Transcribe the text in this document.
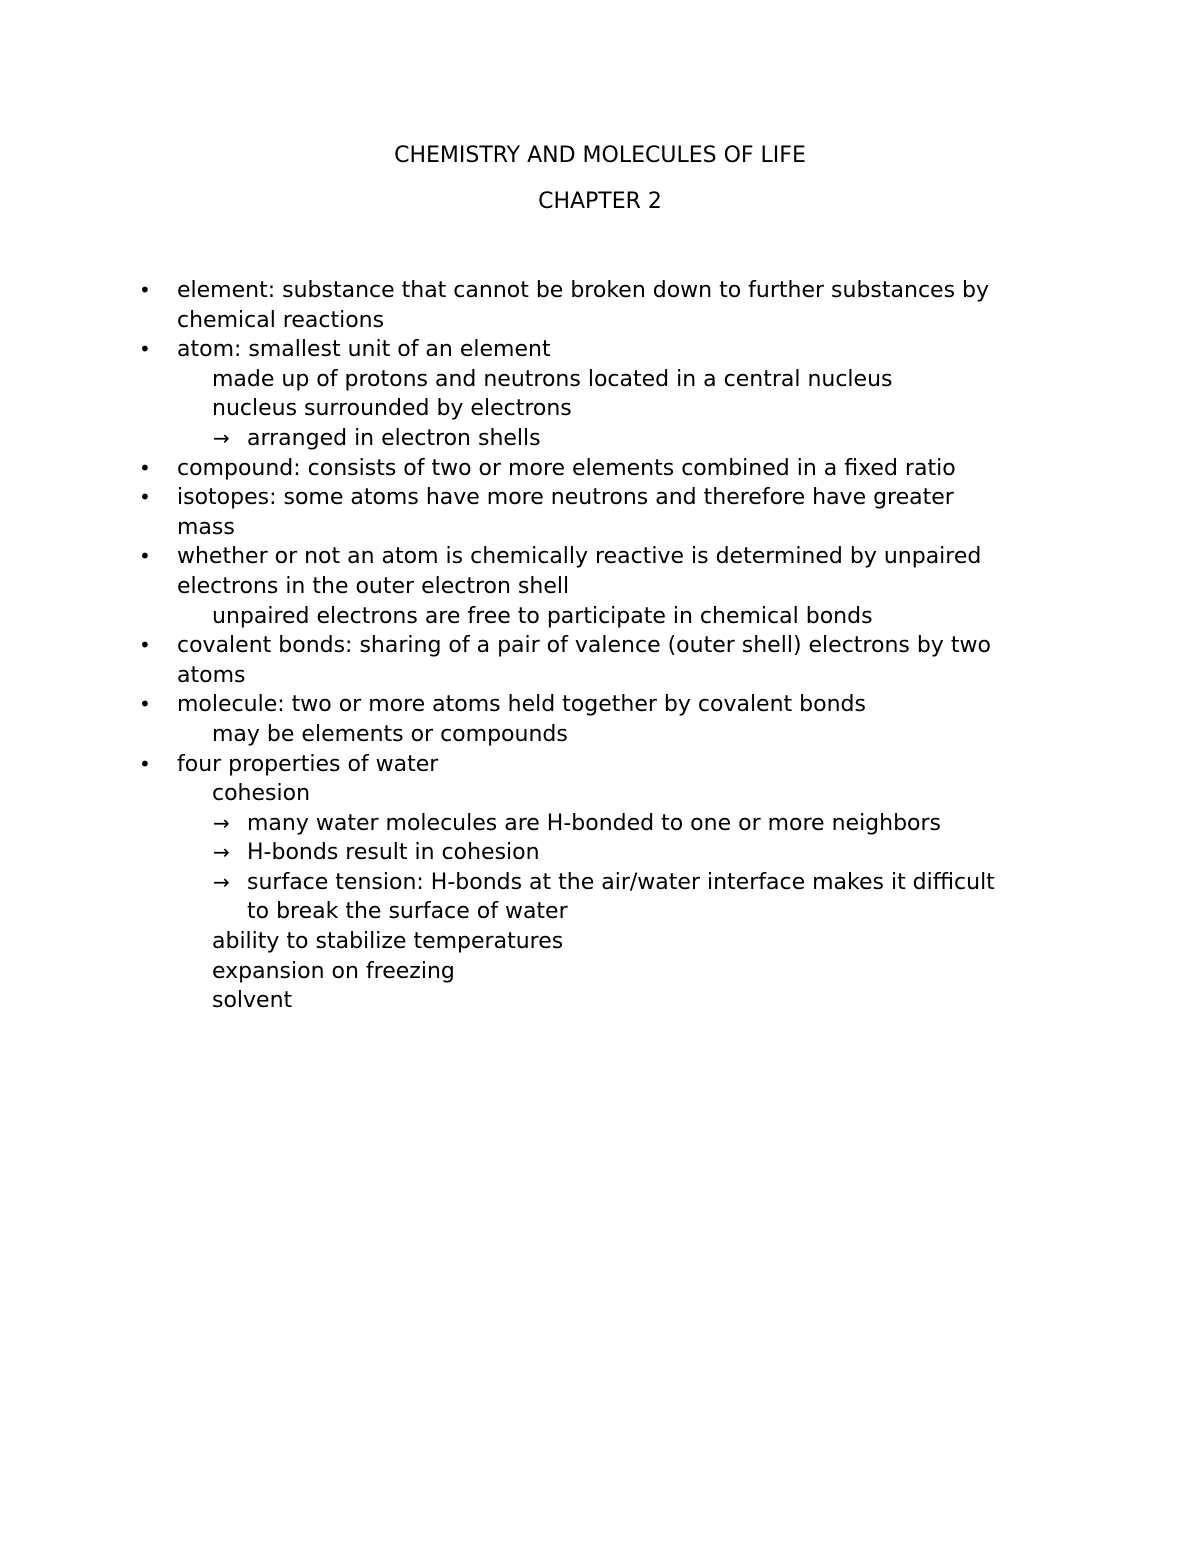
CHEMISTRY AND MOLECULES OF LIFE
CHAPTER 2
• element: substance that cannot be broken down to further substances by
chemical reactions
• atom: smallest unit of an element
made up of protons and neutrons located in a central nucleus
nucleus surrounded by electrons
→ arranged in electron shells
• compound: consists of two or more elements combined in a fixed ratio
• isotopes: some atoms have more neutrons and therefore have greater
mass
• whether or not an atom is chemically reactive is determined by unpaired
electrons in the outer electron shell
unpaired electrons are free to participate in chemical bonds
• covalent bonds: sharing of a pair of valence (outer shell) electrons by two
atoms
• molecule: two or more atoms held together by covalent bonds
may be elements or compounds
• four properties of water
cohesion
→ many water molecules are H-bonded to one or more neighbors
→ H-bonds result in cohesion
→ surface tension: H-bonds at the air/water interface makes it difficult
to break the surface of water
ability to stabilize temperatures
expansion on freezing
solvent
